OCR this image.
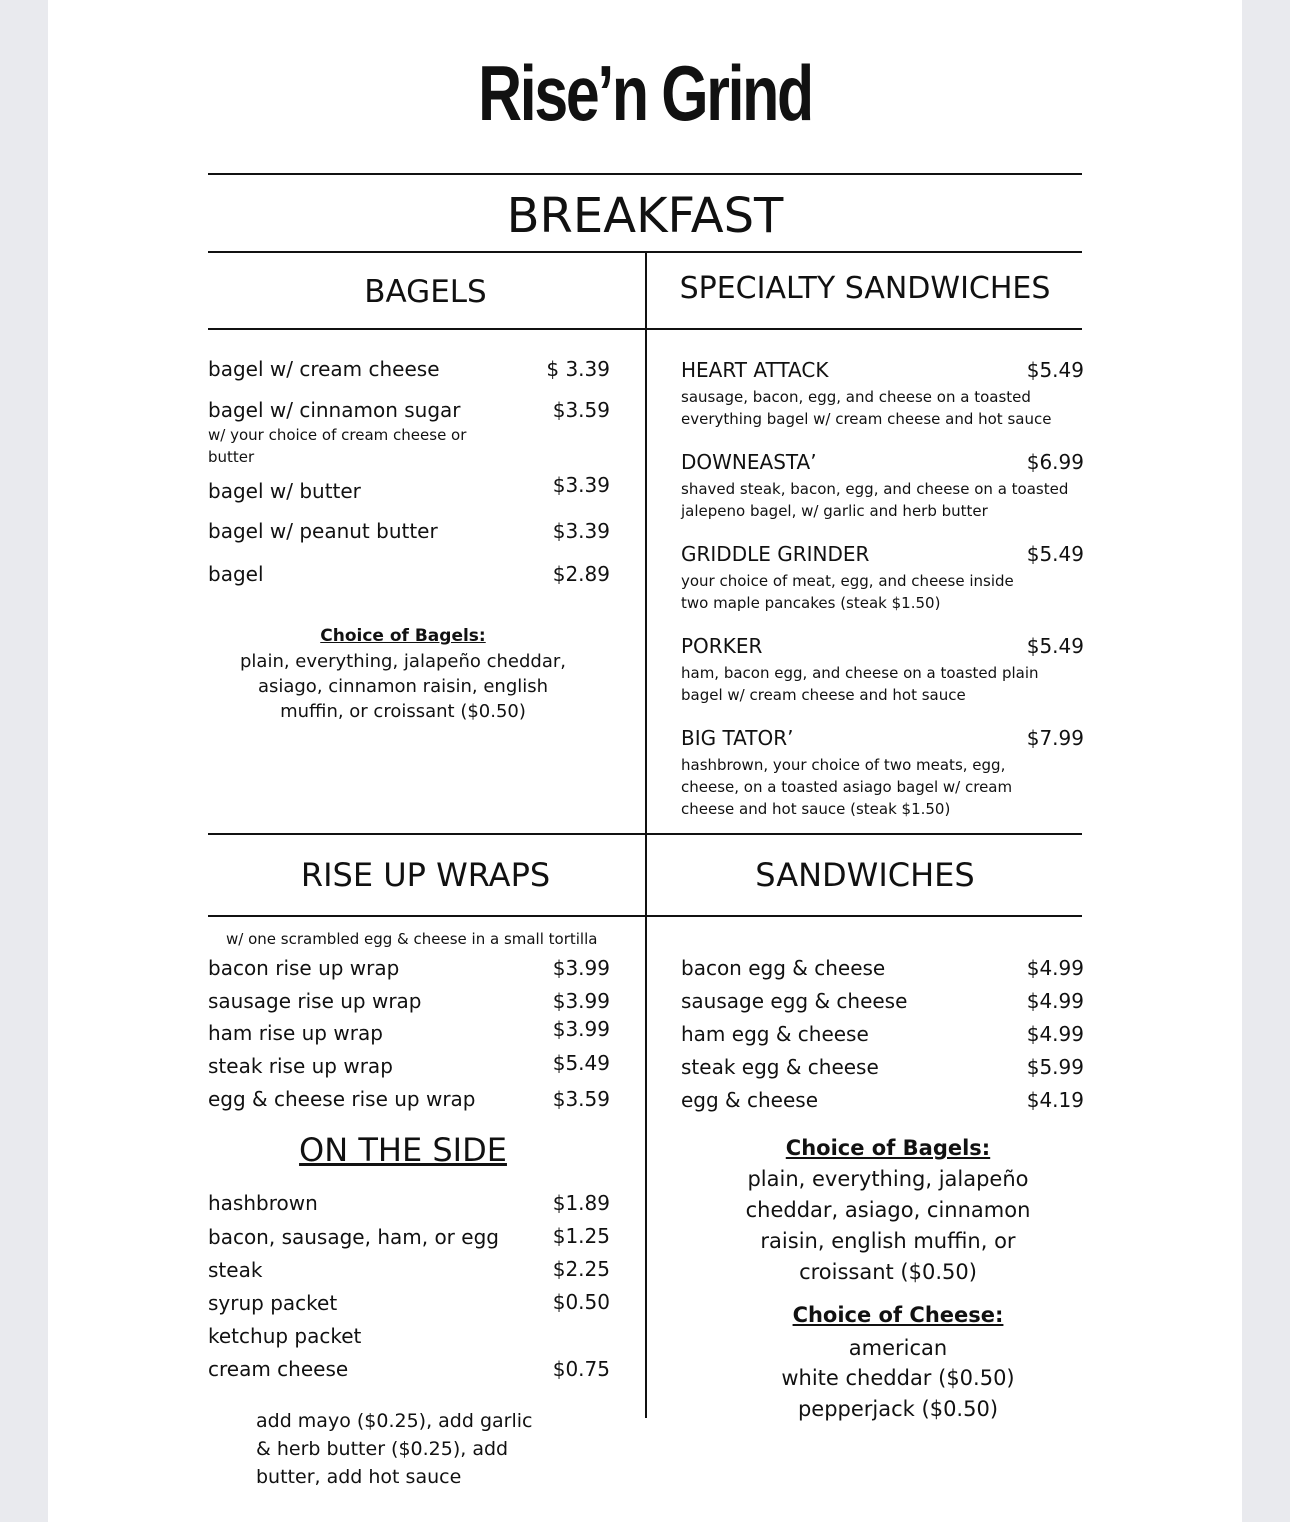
Rise’n Grind
BREAKFAST
BAGELS	SPECIALTY SANDWICHES
bagel w/ cream cheese	$ 3.39
bagel w/ cinnamon sugar	$3.59
w/ your choice of cream cheese or butter
bagel w/ butter	$3.39
bagel w/ peanut butter	$3.39
bagel	$2.89
Choice of Bagels:
plain, everything, jalapeño cheddar, asiago, cinnamon raisin, english muffin, or croissant ($0.50)
HEART ATTACK	$5.49
sausage, bacon, egg, and cheese on a toasted everything bagel w/ cream cheese and hot sauce
DOWNEASTA’	$6.99
shaved steak, bacon, egg, and cheese on a toasted jalepeno bagel, w/ garlic and herb butter
GRIDDLE GRINDER	$5.49
your choice of meat, egg, and cheese inside two maple pancakes (steak $1.50)
PORKER	$5.49
ham, bacon egg, and cheese on a toasted plain bagel w/ cream cheese and hot sauce
BIG TATOR’	$7.99
hashbrown, your choice of two meats, egg, cheese, on a toasted asiago bagel w/ cream cheese and hot sauce (steak $1.50)
RISE UP WRAPS	SANDWICHES
w/ one scrambled egg & cheese in a small tortilla
bacon rise up wrap	$3.99
sausage rise up wrap	$3.99
ham rise up wrap	$3.99
steak rise up wrap	$5.49
egg & cheese rise up wrap	$3.59
bacon egg & cheese	$4.99
sausage egg & cheese	$4.99
ham egg & cheese	$4.99
steak egg & cheese	$5.99
egg & cheese	$4.19
Choice of Bagels:
plain, everything, jalapeño cheddar, asiago, cinnamon raisin, english muffin, or croissant ($0.50)
Choice of Cheese:
american
white cheddar ($0.50)
pepperjack ($0.50)
ON THE SIDE
hashbrown	$1.89
bacon, sausage, ham, or egg	$1.25
steak	$2.25
syrup packet	$0.50
ketchup packet
cream cheese	$0.75
add mayo ($0.25), add garlic & herb butter ($0.25), add butter, add hot sauce
